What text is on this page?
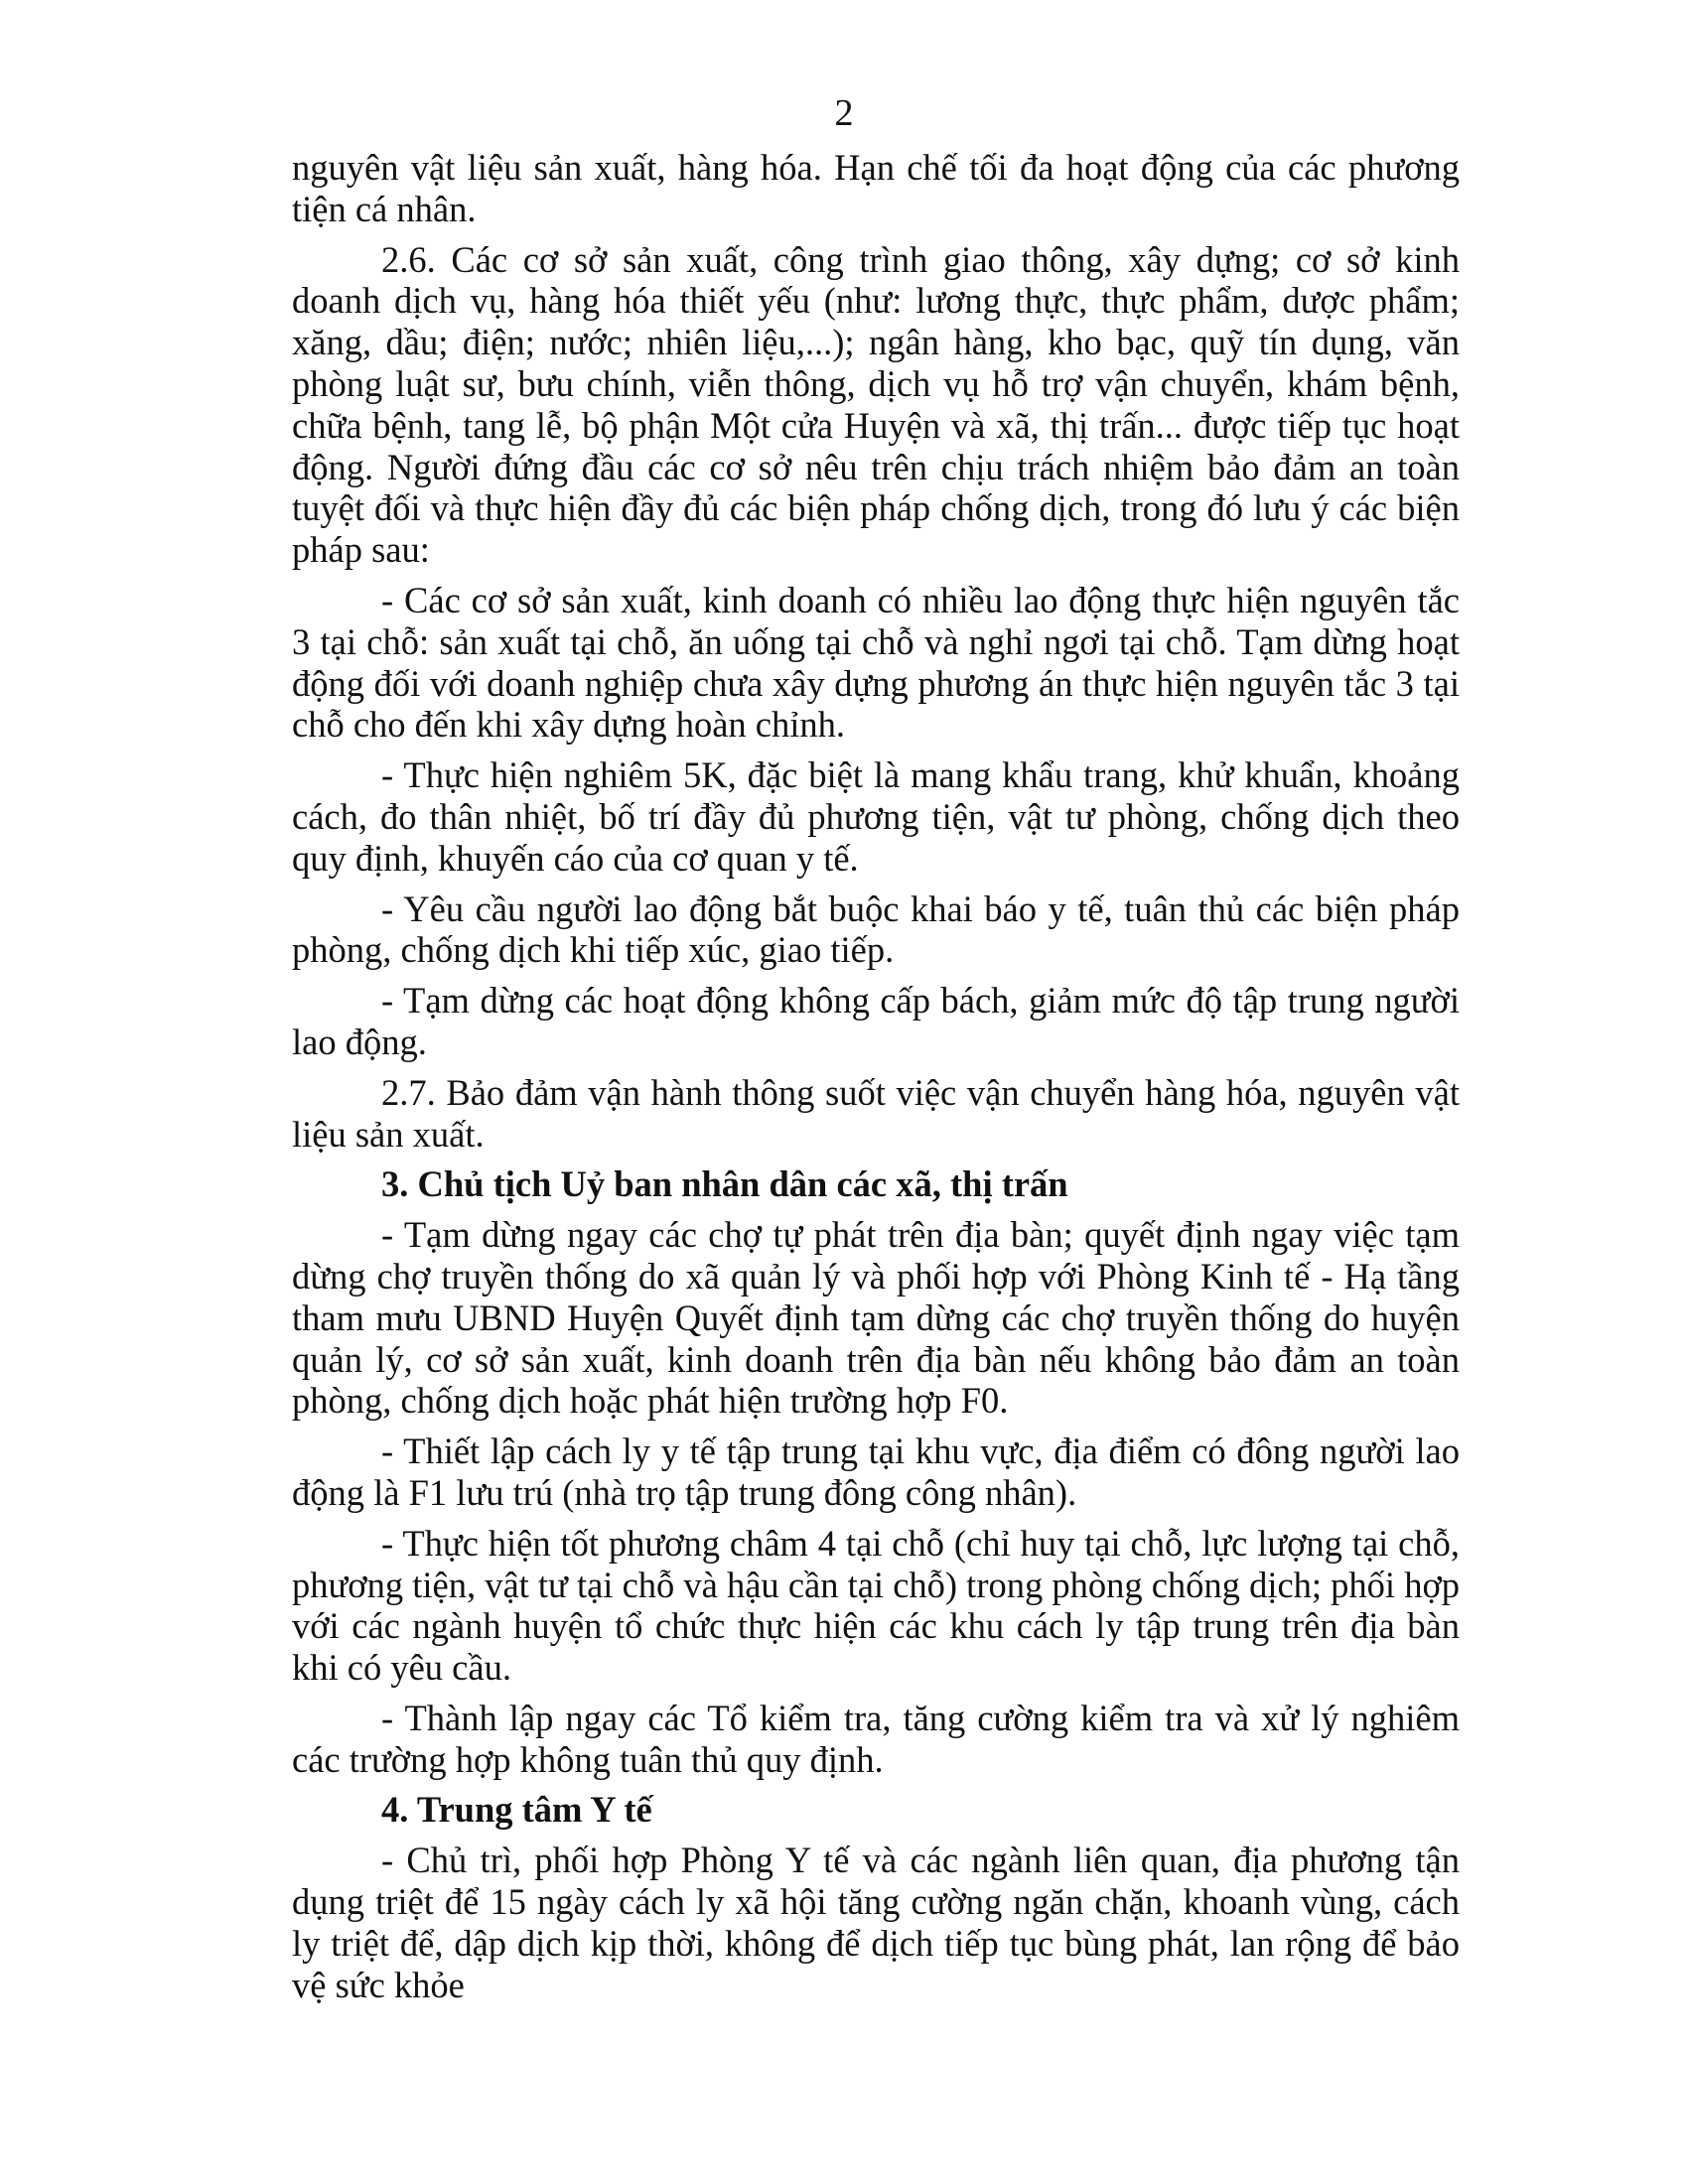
2

nguyên vật liệu sản xuất, hàng hóa. Hạn chế tối đa hoạt động của các phương tiện cá nhân.

2.6. Các cơ sở sản xuất, công trình giao thông, xây dựng; cơ sở kinh doanh dịch vụ, hàng hóa thiết yếu (như: lương thực, thực phẩm, dược phẩm; xăng, dầu; điện; nước; nhiên liệu,...); ngân hàng, kho bạc, quỹ tín dụng, văn phòng luật sư, bưu chính, viễn thông, dịch vụ hỗ trợ vận chuyển, khám bệnh, chữa bệnh, tang lễ, bộ phận Một cửa Huyện và xã, thị trấn... được tiếp tục hoạt động. Người đứng đầu các cơ sở nêu trên chịu trách nhiệm bảo đảm an toàn tuyệt đối và thực hiện đầy đủ các biện pháp chống dịch, trong đó lưu ý các biện pháp sau:

- Các cơ sở sản xuất, kinh doanh có nhiều lao động thực hiện nguyên tắc 3 tại chỗ: sản xuất tại chỗ, ăn uống tại chỗ và nghỉ ngơi tại chỗ. Tạm dừng hoạt động đối với doanh nghiệp chưa xây dựng phương án thực hiện nguyên tắc 3 tại chỗ cho đến khi xây dựng hoàn chỉnh.

- Thực hiện nghiêm 5K, đặc biệt là mang khẩu trang, khử khuẩn, khoảng cách, đo thân nhiệt, bố trí đầy đủ phương tiện, vật tư phòng, chống dịch theo quy định, khuyến cáo của cơ quan y tế.

- Yêu cầu người lao động bắt buộc khai báo y tế, tuân thủ các biện pháp phòng, chống dịch khi tiếp xúc, giao tiếp.

- Tạm dừng các hoạt động không cấp bách, giảm mức độ tập trung người lao động.

2.7. Bảo đảm vận hành thông suốt việc vận chuyển hàng hóa, nguyên vật liệu sản xuất.

3. Chủ tịch Uỷ ban nhân dân các xã, thị trấn

- Tạm dừng ngay các chợ tự phát trên địa bàn; quyết định ngay việc tạm dừng chợ truyền thống do xã quản lý và phối hợp với Phòng Kinh tế - Hạ tầng tham mưu UBND Huyện Quyết định tạm dừng các chợ truyền thống do huyện quản lý, cơ sở sản xuất, kinh doanh trên địa bàn nếu không bảo đảm an toàn phòng, chống dịch hoặc phát hiện trường hợp F0.

- Thiết lập cách ly y tế tập trung tại khu vực, địa điểm có đông người lao động là F1 lưu trú (nhà trọ tập trung đông công nhân).

- Thực hiện tốt phương châm 4 tại chỗ (chỉ huy tại chỗ, lực lượng tại chỗ, phương tiện, vật tư tại chỗ và hậu cần tại chỗ) trong phòng chống dịch; phối hợp với các ngành huyện tổ chức thực hiện các khu cách ly tập trung trên địa bàn khi có yêu cầu.

- Thành lập ngay các Tổ kiểm tra, tăng cường kiểm tra và xử lý nghiêm các trường hợp không tuân thủ quy định.

4. Trung tâm Y tế

- Chủ trì, phối hợp Phòng Y tế và các ngành liên quan, địa phương tận dụng triệt để 15 ngày cách ly xã hội tăng cường ngăn chặn, khoanh vùng, cách ly triệt để, dập dịch kịp thời, không để dịch tiếp tục bùng phát, lan rộng để bảo vệ sức khỏe
